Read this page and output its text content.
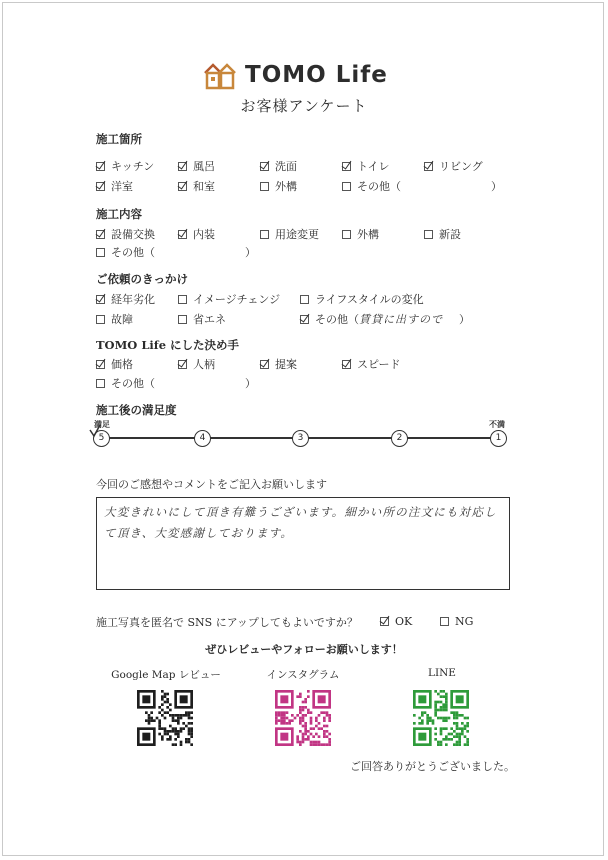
TOMO Life
お客様アンケート
施工箇所
キッチン	風呂	洗面	トイレ	リビング
洋室	和室	外構	その他（	）
施工内容
設備交換	内装	用途変更	外構	新設
その他（	）
ご依頼のきっかけ
経年劣化	イメージチェンジ	ライフスタイルの変化
故障	省エネ	その他（ 賃貸に出すので ）
TOMO Life にした決め手
価格	人柄	提案	スピード
その他（	）
施工後の満足度
満足	不満
5	4	3	2	1
今回のご感想やコメントをご記入お願いします
大変きれいにして頂き有難うございます。細かい所の注文にも対応して頂き、大変感謝しております。
施工写真を匿名で SNS にアップしてもよいですか？	OK	NG
ぜひレビューやフォローお願いします！
Google Map レビュー	インスタグラム	LINE
ご回答ありがとうございました。
